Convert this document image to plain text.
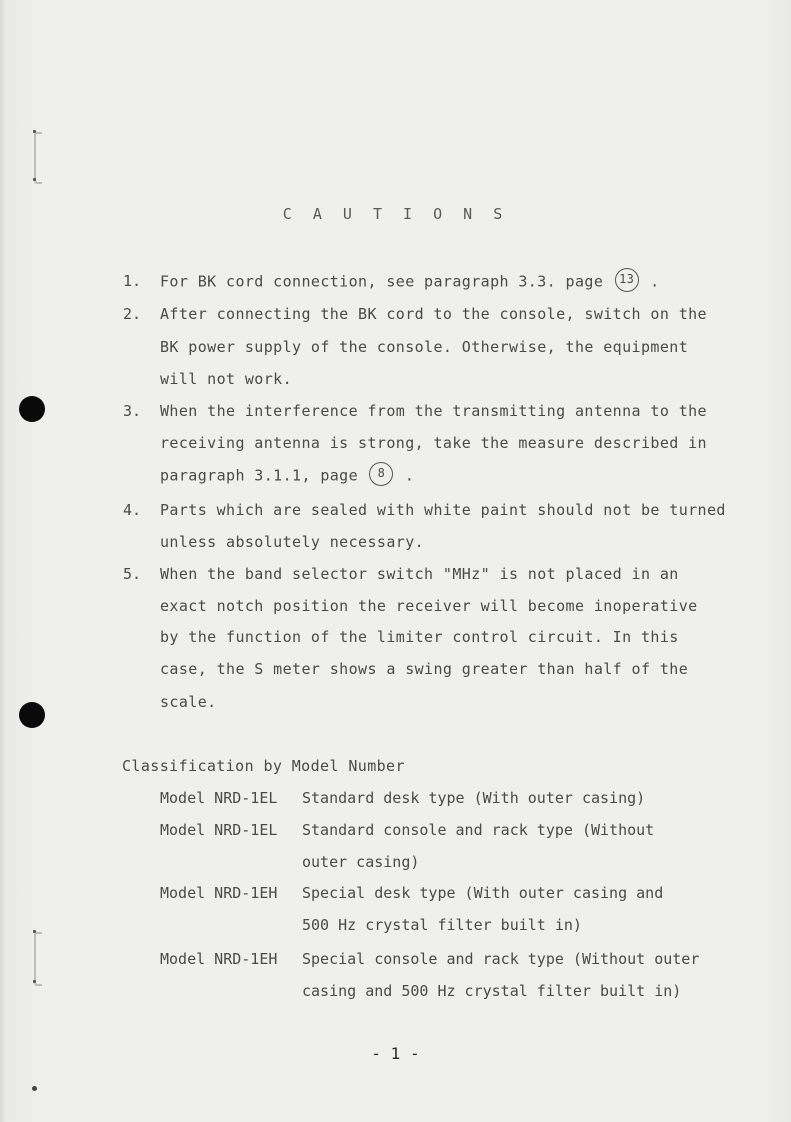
C A U T I O N S
1. For BK cord connection, see paragraph 3.3. page 13 .
2. After connecting the BK cord to the console, switch on the
BK power supply of the console. Otherwise, the equipment
will not work.
3. When the interference from the transmitting antenna to the
receiving antenna is strong, take the measure described in
paragraph 3.1.1, page 8 .
4. Parts which are sealed with white paint should not be turned
unless absolutely necessary.
5. When the band selector switch "MHz" is not placed in an
exact notch position the receiver will become inoperative
by the function of the limiter control circuit. In this
case, the S meter shows a swing greater than half of the
scale.
Classification by Model Number
Model NRD-1EL Standard desk type (With outer casing)
Model NRD-1EL Standard console and rack type (Without
outer casing)
Model NRD-1EH Special desk type (With outer casing and
500 Hz crystal filter built in)
Model NRD-1EH Special console and rack type (Without outer
casing and 500 Hz crystal filter built in)
- 1 -
